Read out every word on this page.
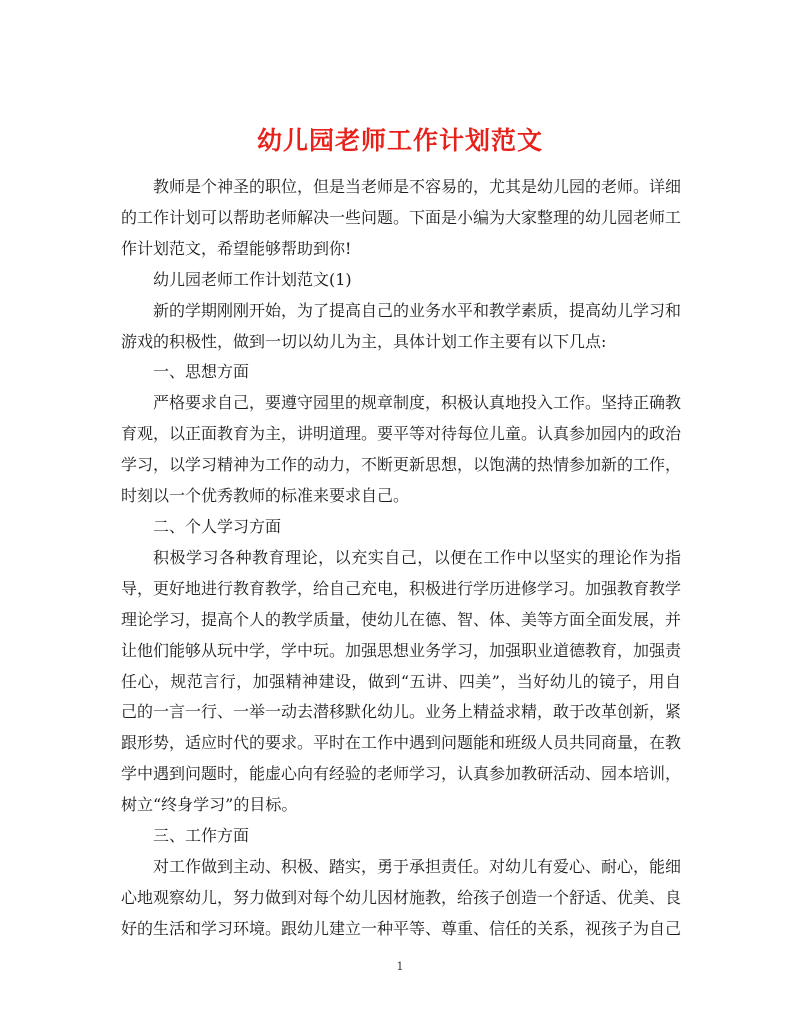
幼儿园老师工作计划范文

教师是个神圣的职位，但是当老师是不容易的，尤其是幼儿园的老师。详细的工作计划可以帮助老师解决一些问题。下面是小编为大家整理的幼儿园老师工作计划范文，希望能够帮助到你!

幼儿园老师工作计划范文(1)

新的学期刚刚开始，为了提高自己的业务水平和教学素质，提高幼儿学习和游戏的积极性，做到一切以幼儿为主，具体计划工作主要有以下几点:

一、思想方面

严格要求自己，要遵守园里的规章制度，积极认真地投入工作。坚持正确教育观，以正面教育为主，讲明道理。要平等对待每位儿童。认真参加园内的政治学习，以学习精神为工作的动力，不断更新思想，以饱满的热情参加新的工作，时刻以一个优秀教师的标准来要求自己。

二、个人学习方面

积极学习各种教育理论，以充实自己，以便在工作中以坚实的理论作为指导，更好地进行教育教学，给自己充电，积极进行学历进修学习。加强教育教学理论学习，提高个人的教学质量，使幼儿在德、智、体、美等方面全面发展，并让他们能够从玩中学，学中玩。加强思想业务学习，加强职业道德教育，加强责任心，规范言行，加强精神建设，做到“五讲、四美”，当好幼儿的镜子，用自己的一言一行、一举一动去潜移默化幼儿。业务上精益求精，敢于改革创新，紧跟形势，适应时代的要求。平时在工作中遇到问题能和班级人员共同商量，在教学中遇到问题时，能虚心向有经验的老师学习，认真参加教研活动、园本培训，树立“终身学习”的目标。

三、工作方面

对工作做到主动、积极、踏实，勇于承担责任。对幼儿有爱心、耐心，能细心地观察幼儿，努力做到对每个幼儿因材施教，给孩子创造一个舒适、优美、良好的生活和学习环境。跟幼儿建立一种平等、尊重、信任的关系，视孩子为自己

1
